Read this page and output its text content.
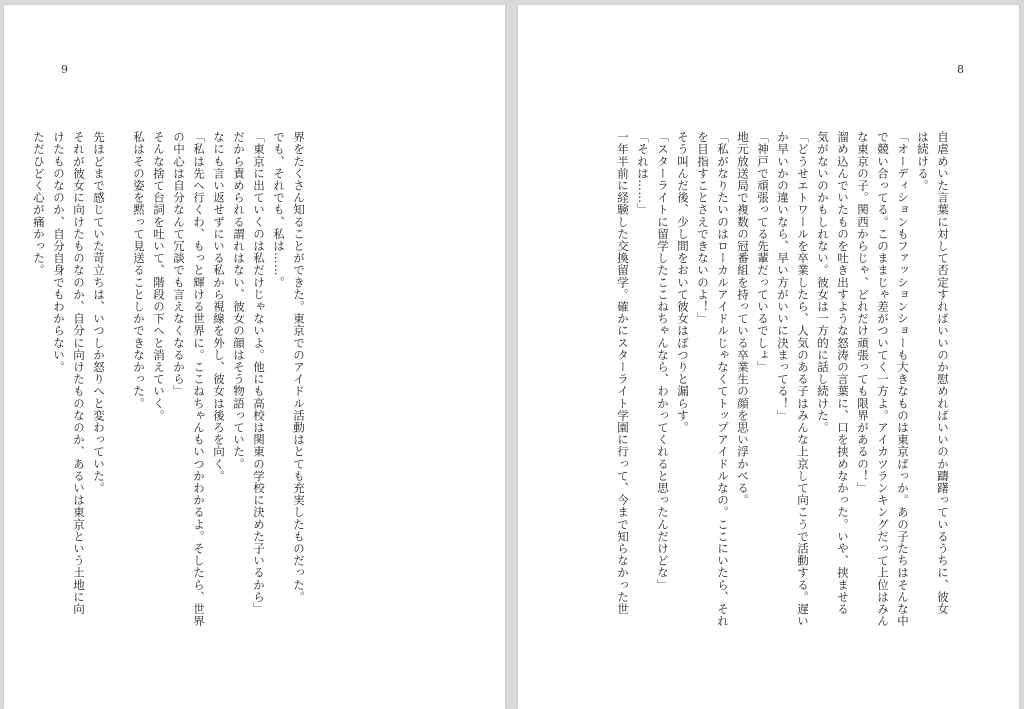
9
界をたくさん知ることができた。東京でのアイドル活動はとても充実したものだった。
でも、それでも、私は……。
「東京に出ていくのは私だけじゃないよ。他にも高校は関東の学校に決めた子いるから」
だから責められる謂れはない、彼女の顔はそう物語っていた。
なにも言い返せずにいる私から視線を外し、彼女は後ろを向く。
「私は先へ行くわ、もっと輝ける世界に。ここねちゃんもいつかわかるよ。そしたら、世界
の中心は自分なんて冗談でも言えなくなるから」
そんな捨て台詞を吐いて、階段の下へと消えていく。
私はその姿を黙って見送ることしかできなかった。

先ほどまで感じていた苛立ちは、いつしか怒りへと変わっていた。
それが彼女に向けたものなのか、自分に向けたものなのか、あるいは東京という土地に向
けたものなのか、自分自身でもわからない。
ただひどく心が痛かった。
8
自虐めいた言葉に対して否定すればいいのか慰めればいいのか躊躇っているうちに、彼女
は続ける。
「オーディションもファッションショーも大きなものは東京ばっか。あの子たちはそんな中
で競い合ってる。このままじゃ差がついてく一方よ。アイカツランキングだって上位はみん
な東京の子。関西からじゃ、どれだけ頑張っても限界があるの！」
溜め込んでいたものを吐き出すような怒涛の言葉に、口を挟めなかった。いや、挟ませる
気がないのかもしれない。彼女は一方的に話し続けた。
「どうせエトワールを卒業したら、人気のある子はみんな上京して向こうで活動する。遅い
か早いかの違いなら、早い方がいいに決まってる！」
「神戸で頑張ってる先輩だっているでしょ」
地元放送局で複数の冠番組を持っている卒業生の顔を思い浮かべる。
「私がなりたいのはローカルアイドルじゃなくてトップアイドルなの。ここにいたら、それ
を目指すことさえできないのよ！」
そう叫んだ後、少し間をおいて彼女はぽつりと漏らす。
「スターライトに留学したここねちゃんなら、わかってくれると思ったんだけどな」
「それは……」
一年半前に経験した交換留学。確かにスターライト学園に行って、今まで知らなかった世
